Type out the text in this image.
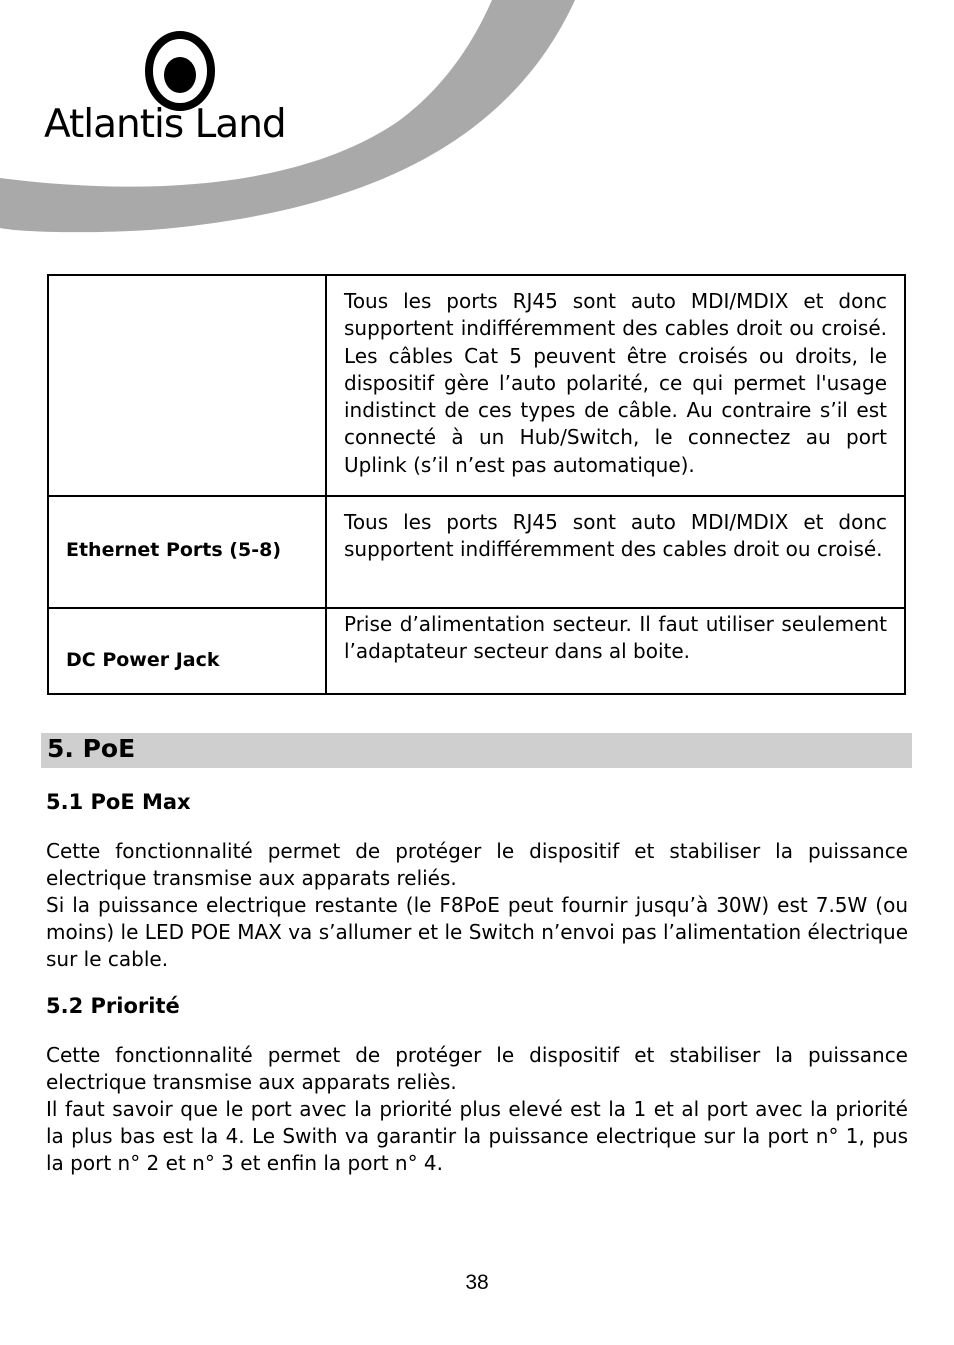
Atlantis Land

	Tous les ports RJ45 sont auto MDI/MDIX et donc supportent indifféremment des cables droit ou croisé. Les câbles Cat 5 peuvent être croisés ou droits, le dispositif gère l’auto polarité, ce qui permet l'usage indistinct de ces types de câble. Au contraire s’il est connecté à un Hub/Switch, le connectez au port Uplink (s’il n’est pas automatique).

Ethernet Ports (5-8)	Tous les ports RJ45 sont auto MDI/MDIX et donc supportent indifféremment des cables droit ou croisé.

DC Power Jack	Prise d’alimentation secteur. Il faut utiliser seulement l’adaptateur secteur dans al boite.
5. PoE
5.1 PoE Max
Cette fonctionnalité permet de protéger le dispositif et stabiliser la puissance electrique transmise aux apparats reliés.
Si la puissance electrique restante (le F8PoE peut fournir jusqu’à 30W) est 7.5W (ou moins) le LED POE MAX va s’allumer et le Switch n’envoi pas l’alimentation électrique sur le cable.
5.2 Priorité
Cette fonctionnalité permet de protéger le dispositif et stabiliser la puissance electrique transmise aux apparats reliès.
Il faut savoir que le port avec la priorité plus elevé est la 1 et al port avec la priorité la plus bas est la 4. Le Swith va garantir la puissance electrique sur la port n° 1, pus la port n° 2 et n° 3 et enfin la port n° 4.
38
